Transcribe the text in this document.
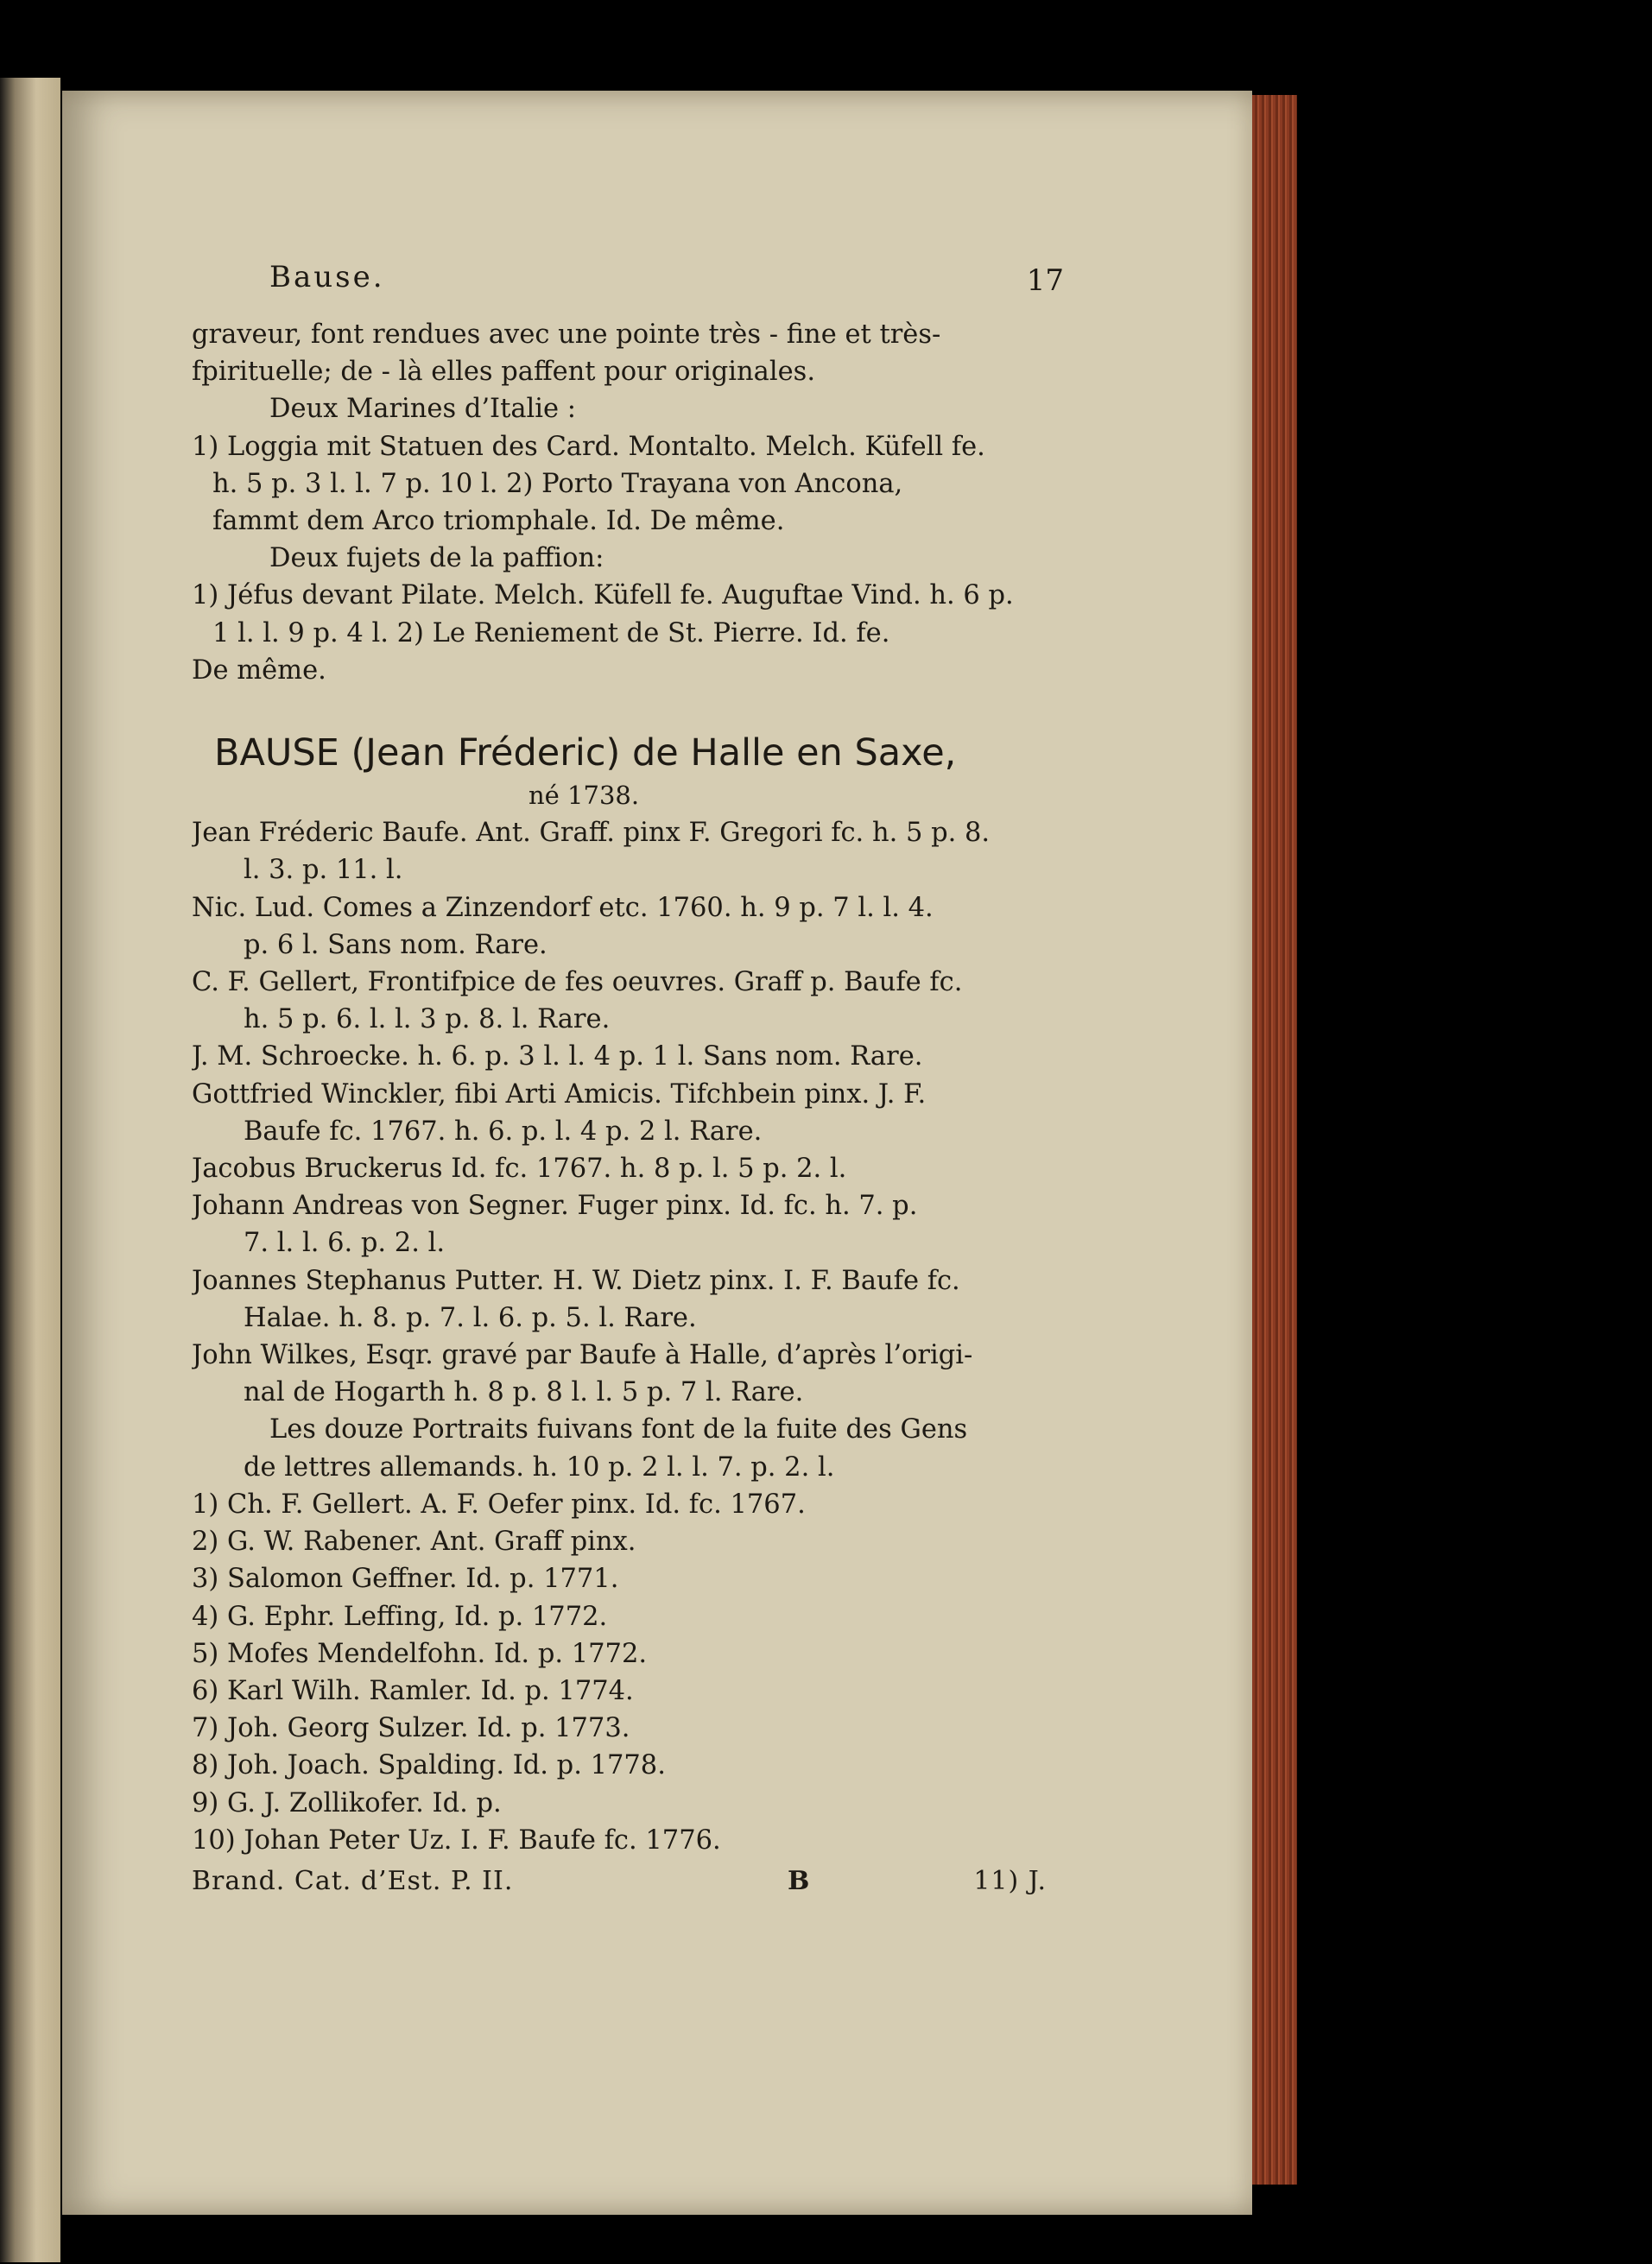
Bause.	17
graveur, font rendues avec une pointe très - fine et très-
fpirituelle; de - là elles paffent pour originales.
Deux Marines d’Italie :
1) Loggia mit Statuen des Card. Montalto. Melch. Küfell fe.
h. 5 p. 3 l. l. 7 p. 10 l. 2) Porto Trayana von Ancona,
fammt dem Arco triomphale. Id. De même.
Deux fujets de la paffion:
1) Jéfus devant Pilate. Melch. Küfell fe. Auguftae Vind. h. 6 p.
1 l. l. 9 p. 4 l. 2) Le Reniement de St. Pierre. Id. fe.
De même.
BAUSE (Jean Fréderic) de Halle en Saxe,
né 1738.
Jean Fréderic Baufe. Ant. Graff. pinx F. Gregori fc. h. 5 p. 8.
l. 3. p. 11. l.
Nic. Lud. Comes a Zinzendorf etc. 1760. h. 9 p. 7 l. l. 4.
p. 6 l. Sans nom. Rare.
C. F. Gellert, Frontifpice de fes oeuvres. Graff p. Baufe fc.
h. 5 p. 6. l. l. 3 p. 8. l. Rare.
J. M. Schroecke. h. 6. p. 3 l. l. 4 p. 1 l. Sans nom. Rare.
Gottfried Winckler, fibi Arti Amicis. Tifchbein pinx. J. F.
Baufe fc. 1767. h. 6. p. l. 4 p. 2 l. Rare.
Jacobus Bruckerus Id. fc. 1767. h. 8 p. l. 5 p. 2. l.
Johann Andreas von Segner. Fuger pinx. Id. fc. h. 7. p.
7. l. l. 6. p. 2. l.
Joannes Stephanus Putter. H. W. Dietz pinx. I. F. Baufe fc.
Halae. h. 8. p. 7. l. 6. p. 5. l. Rare.
John Wilkes, Esqr. gravé par Baufe à Halle, d’après l’origi-
nal de Hogarth h. 8 p. 8 l. l. 5 p. 7 l. Rare.
Les douze Portraits fuivans font de la fuite des Gens
de lettres allemands. h. 10 p. 2 l. l. 7. p. 2. l.
1) Ch. F. Gellert. A. F. Oefer pinx. Id. fc. 1767.
2) G. W. Rabener. Ant. Graff pinx.
3) Salomon Geffner. Id. p. 1771.
4) G. Ephr. Leffing, Id. p. 1772.
5) Mofes Mendelfohn. Id. p. 1772.
6) Karl Wilh. Ramler. Id. p. 1774.
7) Joh. Georg Sulzer. Id. p. 1773.
8) Joh. Joach. Spalding. Id. p. 1778.
9) G. J. Zollikofer. Id. p.
10) Johan Peter Uz. I. F. Baufe fc. 1776.
Brand. Cat. d’Est. P. II.	B	11) J.
